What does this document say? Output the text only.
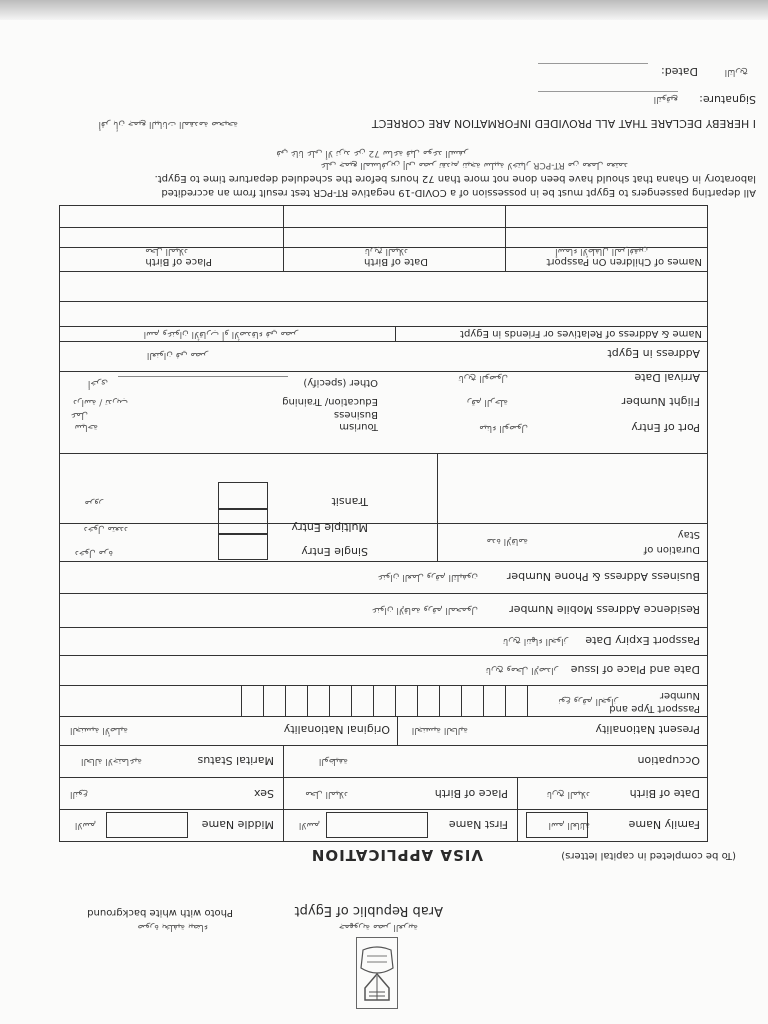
جمهورية مصر العربية
Arab Republic of Egypt
صورة بخلفية بيضاء
Photo with white background
(To be completed in capital letters)
VISA APPLICATION
Family Name
اسم العائلة
First Name
الاسم
Middle Name
الاسم
Date of Birth
تاريخ الميلاد
Place of Birth
محل الميلاد
Sex
النوع
Occupation
الوظيفة
Marital Status
الحالة الاجتماعية
Present Nationality
الجنسية الحالية
Original Nationality
الجنسية الأصلية
Passport Type and
Number
نوع ورقم الجواز
Date and Place of Issue
تاريخ ومحل الإصدار
Passport Expiry Date
تاريخ انتهاء الجواز
Residence Address Mobile Number
عنوان الإقامة ورقم المحمول
Business Address & Phone Number
عنوان العمل ورقم التليفون
Duration of
Stay
مدة الإقامة
Single Entry
دخول مرة
Multiple Entry
دخول متعدد
Transit
مرور
Port of Entry
ميناء الوصول
Flight Number
رقم الرحلة
Arrival Date
تاريخ الوصول
Tourism
سياحة
Business
عمل
Education/ Training
دراسة / تدريب
Other (specify)
أخرى
Address in Egypt
العنوان في مصر
Name & Address of Relatives or Friends in Egypt
اسم وعنوان الأقارب أو الأصدقاء في مصر
Names of Children On Passport
أسماء الأطفال المرافقين
Date of Birth
تاريخ الميلاد
Place of Birth
محل الميلاد
All departing passengers to Egypt must be in possession of a COVID-19 negative RT-PCR test result from an accredited
laboratory in Ghana that should have been done not more than 72 hours before the scheduled departure time to Egypt.
على جميع المسافرين إلى مصر تقديم نتيجة سلبية لاختبار RT-PCR من معمل معتمد
في غانا على ألا تزيد عن 72 ساعة قبل موعد السفر
I HEREBY DECLARE THAT ALL PROVIDED INFORMATION ARE CORRECT
أقر بأن جميع البيانات المقدمة صحيحة
Signature:
التوقيع
Dated:	التاريخ
